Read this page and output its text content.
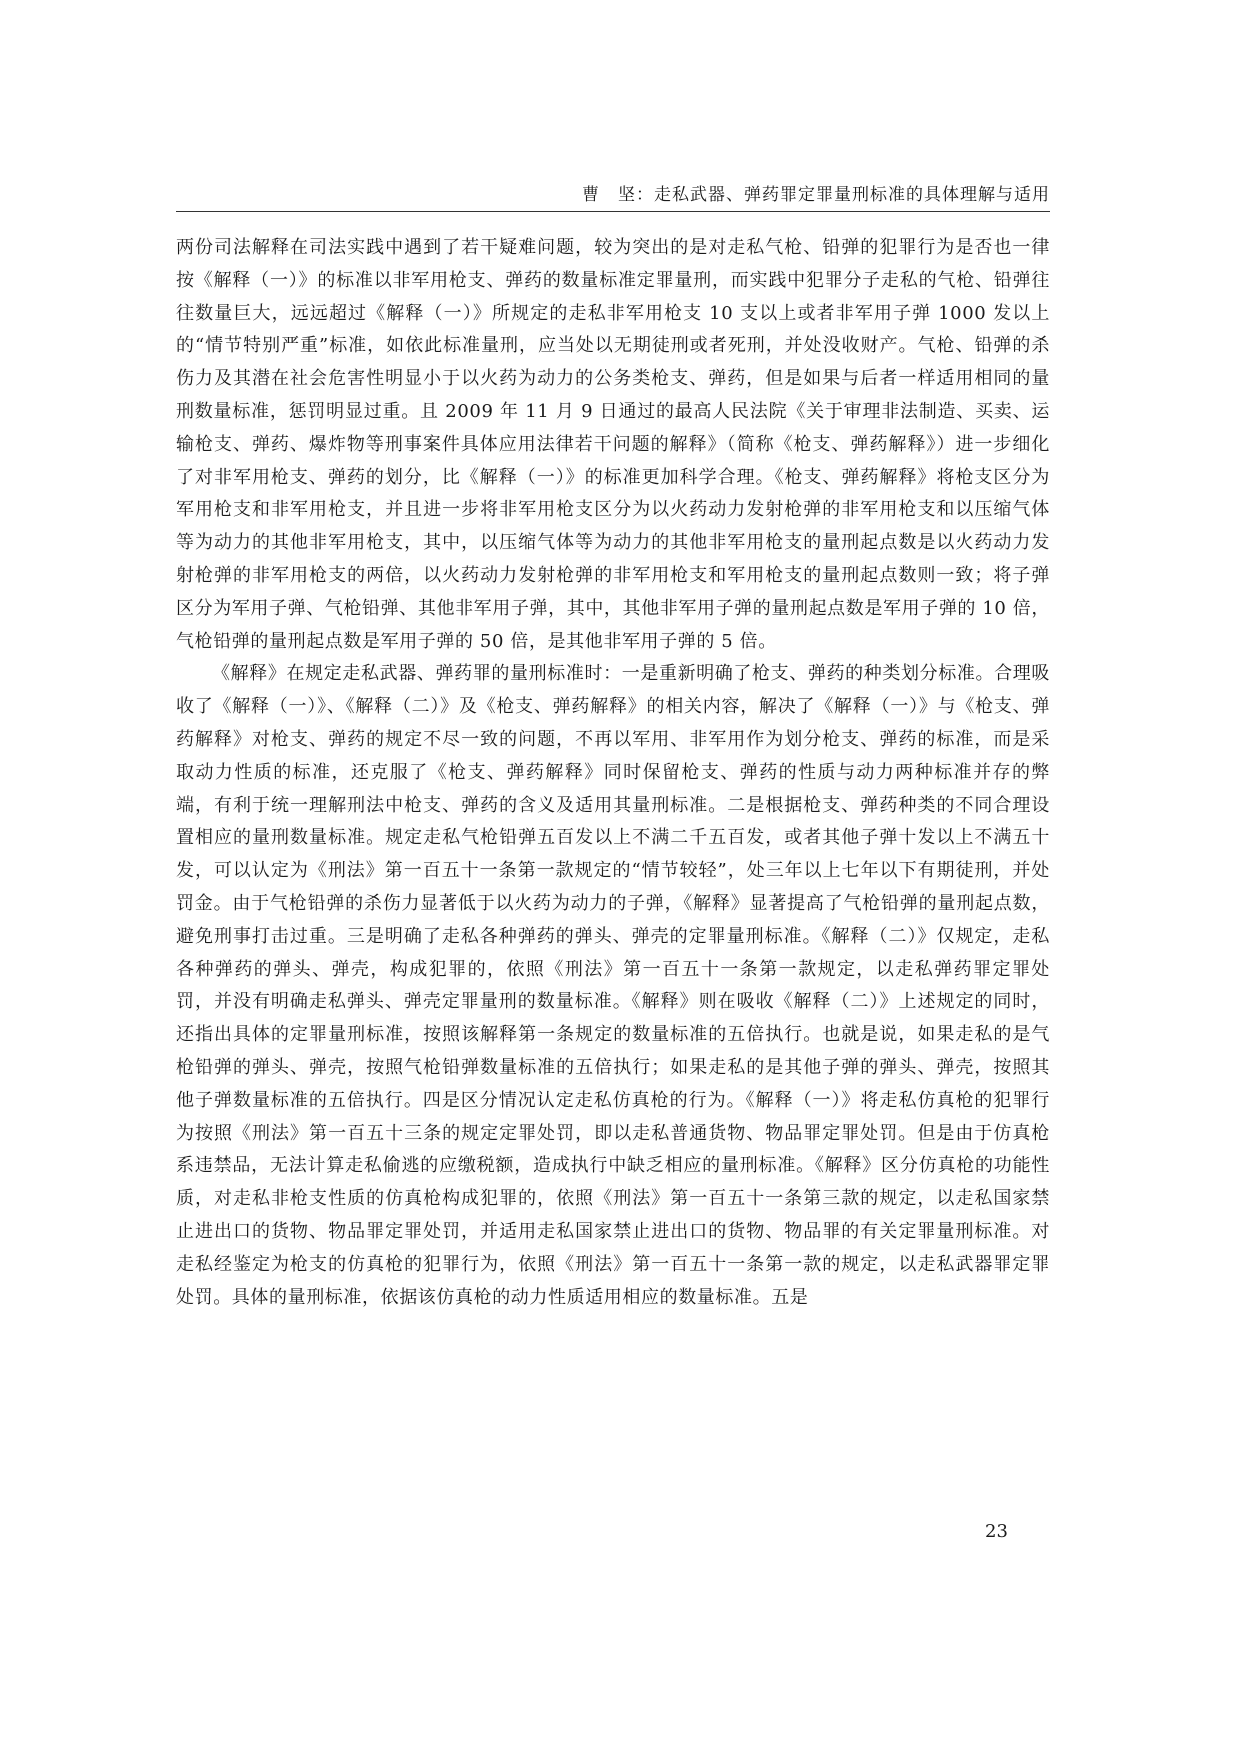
曹　坚：走私武器、弹药罪定罪量刑标准的具体理解与适用

两份司法解释在司法实践中遇到了若干疑难问题，较为突出的是对走私气枪、铅弹的犯罪行为是否也一律按《解释（一）》的标准以非军用枪支、弹药的数量标准定罪量刑，而实践中犯罪分子走私的气枪、铅弹往往数量巨大，远远超过《解释（一）》所规定的走私非军用枪支 10 支以上或者非军用子弹 1000 发以上的“情节特别严重”标准，如依此标准量刑，应当处以无期徒刑或者死刑，并处没收财产。气枪、铅弹的杀伤力及其潜在社会危害性明显小于以火药为动力的公务类枪支、弹药，但是如果与后者一样适用相同的量刑数量标准，惩罚明显过重。且 2009 年 11 月 9 日通过的最高人民法院《关于审理非法制造、买卖、运输枪支、弹药、爆炸物等刑事案件具体应用法律若干问题的解释》（简称《枪支、弹药解释》）进一步细化了对非军用枪支、弹药的划分，比《解释（一）》的标准更加科学合理。《枪支、弹药解释》将枪支区分为军用枪支和非军用枪支，并且进一步将非军用枪支区分为以火药动力发射枪弹的非军用枪支和以压缩气体等为动力的其他非军用枪支，其中，以压缩气体等为动力的其他非军用枪支的量刑起点数是以火药动力发射枪弹的非军用枪支的两倍，以火药动力发射枪弹的非军用枪支和军用枪支的量刑起点数则一致；将子弹区分为军用子弹、气枪铅弹、其他非军用子弹，其中，其他非军用子弹的量刑起点数是军用子弹的 10 倍，气枪铅弹的量刑起点数是军用子弹的 50 倍，是其他非军用子弹的 5 倍。

《解释》在规定走私武器、弹药罪的量刑标准时：一是重新明确了枪支、弹药的种类划分标准。合理吸收了《解释（一）》、《解释（二）》及《枪支、弹药解释》的相关内容，解决了《解释（一）》与《枪支、弹药解释》对枪支、弹药的规定不尽一致的问题，不再以军用、非军用作为划分枪支、弹药的标准，而是采取动力性质的标准，还克服了《枪支、弹药解释》同时保留枪支、弹药的性质与动力两种标准并存的弊端，有利于统一理解刑法中枪支、弹药的含义及适用其量刑标准。二是根据枪支、弹药种类的不同合理设置相应的量刑数量标准。规定走私气枪铅弹五百发以上不满二千五百发，或者其他子弹十发以上不满五十发，可以认定为《刑法》第一百五十一条第一款规定的“情节较轻”，处三年以上七年以下有期徒刑，并处罚金。由于气枪铅弹的杀伤力显著低于以火药为动力的子弹，《解释》显著提高了气枪铅弹的量刑起点数，避免刑事打击过重。三是明确了走私各种弹药的弹头、弹壳的定罪量刑标准。《解释（二）》仅规定，走私各种弹药的弹头、弹壳，构成犯罪的，依照《刑法》第一百五十一条第一款规定，以走私弹药罪定罪处罚，并没有明确走私弹头、弹壳定罪量刑的数量标准。《解释》则在吸收《解释（二）》上述规定的同时，还指出具体的定罪量刑标准，按照该解释第一条规定的数量标准的五倍执行。也就是说，如果走私的是气枪铅弹的弹头、弹壳，按照气枪铅弹数量标准的五倍执行；如果走私的是其他子弹的弹头、弹壳，按照其他子弹数量标准的五倍执行。四是区分情况认定走私仿真枪的行为。《解释（一）》将走私仿真枪的犯罪行为按照《刑法》第一百五十三条的规定定罪处罚，即以走私普通货物、物品罪定罪处罚。但是由于仿真枪系违禁品，无法计算走私偷逃的应缴税额，造成执行中缺乏相应的量刑标准。《解释》区分仿真枪的功能性质，对走私非枪支性质的仿真枪构成犯罪的，依照《刑法》第一百五十一条第三款的规定，以走私国家禁止进出口的货物、物品罪定罪处罚，并适用走私国家禁止进出口的货物、物品罪的有关定罪量刑标准。对走私经鉴定为枪支的仿真枪的犯罪行为，依照《刑法》第一百五十一条第一款的规定，以走私武器罪定罪处罚。具体的量刑标准，依据该仿真枪的动力性质适用相应的数量标准。五是

23
